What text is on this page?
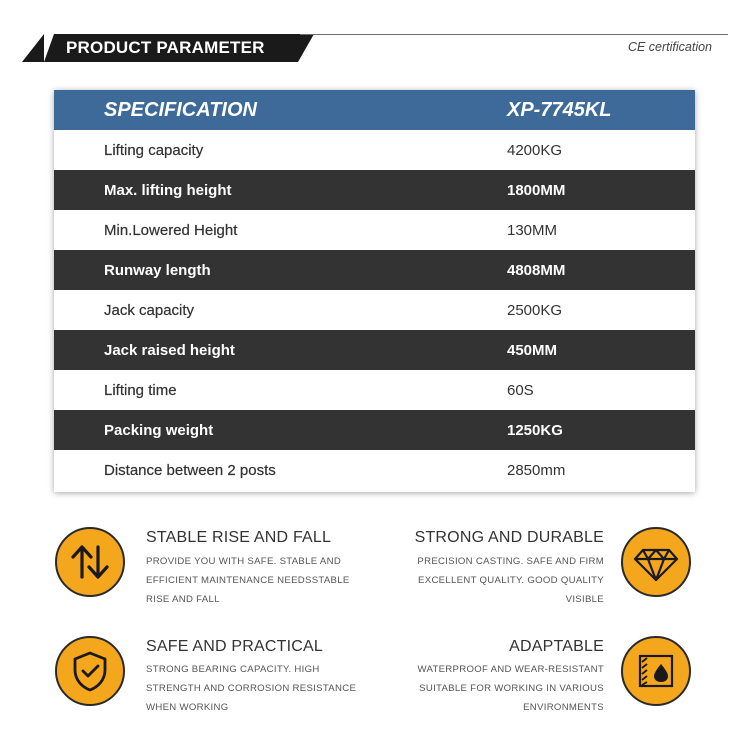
PRODUCT PARAMETER	CE certification
SPECIFICATION	XP-7745KL
Lifting capacity	4200KG
Max. lifting height	1800MM
Min.Lowered Height	130MM
Runway length	4808MM
Jack capacity	2500KG
Jack raised height	450MM
Lifting time	60S
Packing weight	1250KG
Distance between 2 posts	2850mm
STABLE RISE AND FALL
PROVIDE YOU WITH SAFE. STABLE AND
EFFICIENT MAINTENANCE NEEDSSTABLE
RISE AND FALL
STRONG AND DURABLE
PRECISION CASTING. SAFE AND FIRM
EXCELLENT QUALITY. GOOD QUALITY
VISIBLE
SAFE AND PRACTICAL
STRONG BEARING CAPACITY. HIGH
STRENGTH AND CORROSION RESISTANCE
WHEN WORKING
ADAPTABLE
WATERPROOF AND WEAR-RESISTANT
SUITABLE FOR WORKING IN VARIOUS
ENVIRONMENTS
